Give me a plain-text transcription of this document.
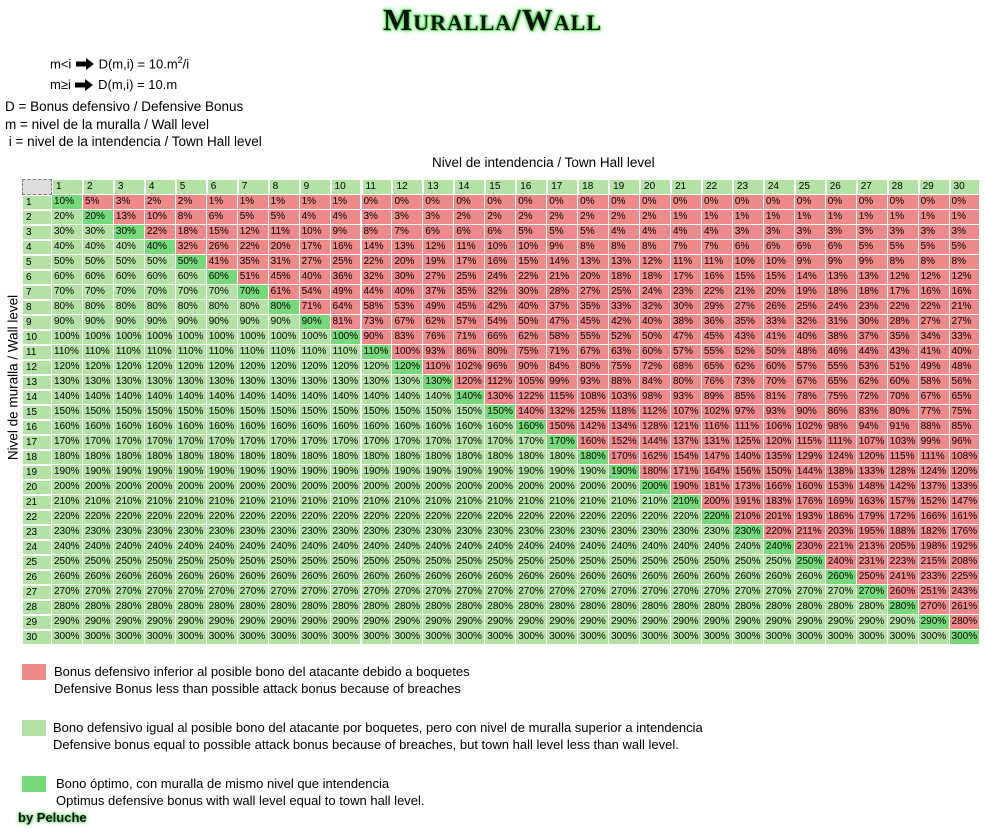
Muralla/Wall
m<i $D(m,i) = 10.m^2/i$
m≥i D(m,i) = 10.m
D = Bonus defensivo / Defensive Bonus
m = nivel de la muralla / Wall level
i = nivel de la intendencia / Town Hall level
Nivel de intendencia / Town Hall level
Nivel de muralla / Wall level
1	2	3	4	5	6	7	8	9	10	11	12	13	14	15	16	17	18	19	20	21	22	23	24	25	26	27	28	29	30
1	10%	5%	3%	2%	2%	1%	1%	1%	1%	1%	0%	0%	0%	0%	0%	0%	0%	0%	0%	0%	0%	0%	0%	0%	0%	0%	0%	0%	0%	0%
2	20%	20%	13%	10%	8%	6%	5%	5%	4%	4%	3%	3%	3%	2%	2%	2%	2%	2%	2%	2%	1%	1%	1%	1%	1%	1%	1%	1%	1%	1%
3	30%	30%	30%	22%	18%	15%	12%	11%	10%	9%	8%	7%	6%	6%	6%	5%	5%	5%	4%	4%	4%	4%	3%	3%	3%	3%	3%	3%	3%	3%
4	40%	40%	40%	40%	32%	26%	22%	20%	17%	16%	14%	13%	12%	11%	10%	10%	9%	8%	8%	8%	7%	7%	6%	6%	6%	6%	5%	5%	5%	5%
5	50%	50%	50%	50%	50%	41%	35%	31%	27%	25%	22%	20%	19%	17%	16%	15%	14%	13%	13%	12%	11%	11%	10%	10%	9%	9%	9%	8%	8%	8%
6	60%	60%	60%	60%	60%	60%	51%	45%	40%	36%	32%	30%	27%	25%	24%	22%	21%	20%	18%	18%	17%	16%	15%	15%	14%	13%	13%	12%	12%	12%
7	70%	70%	70%	70%	70%	70%	70%	61%	54%	49%	44%	40%	37%	35%	32%	30%	28%	27%	25%	24%	23%	22%	21%	20%	19%	18%	18%	17%	16%	16%
8	80%	80%	80%	80%	80%	80%	80%	80%	71%	64%	58%	53%	49%	45%	42%	40%	37%	35%	33%	32%	30%	29%	27%	26%	25%	24%	23%	22%	22%	21%
9	90%	90%	90%	90%	90%	90%	90%	90%	90%	81%	73%	67%	62%	57%	54%	50%	47%	45%	42%	40%	38%	36%	35%	33%	32%	31%	30%	28%	27%	27%
10	100% 100% 100% 100% 100% 100% 100% 100% 100% 100% 90%	83%	76%	71%	66%	62%	58%	55%	52%	50%	47%	45%	43%	41%	40%	38%	37%	35%	34%	33%
11	110% 110% 110% 110% 110% 110% 110% 110% 110% 110% 110% 100% 93%	86%	80%	75%	71%	67%	63%	60%	57%	55%	52%	50%	48%	46%	44%	43%	41%	40%
12	120% 120% 120% 120% 120% 120% 120% 120% 120% 120% 120% 120% 110% 102% 96%	90%	84%	80%	75%	72%	68%	65%	62%	60%	57%	55%	53%	51%	49%	48%
13	130% 130% 130% 130% 130% 130% 130% 130% 130% 130% 130% 130% 130% 120% 112% 105% 99%	93%	88%	84%	80%	76%	73%	70%	67%	65%	62%	60%	58%	56%
14	140% 140% 140% 140% 140% 140% 140% 140% 140% 140% 140% 140% 140% 140% 130% 122% 115% 108% 103% 98%	93%	89%	85%	81%	78%	75%	72%	70%	67%	65%
15	150% 150% 150% 150% 150% 150% 150% 150% 150% 150% 150% 150% 150% 150% 150% 140% 132% 125% 118% 112% 107% 102% 97%	93%	90%	86%	83%	80%	77%	75%
16	160% 160% 160% 160% 160% 160% 160% 160% 160% 160% 160% 160% 160% 160% 160% 160% 150% 142% 134% 128% 121% 116% 111% 106% 102% 98%	94%	91%	88%	85%
17	170% 170% 170% 170% 170% 170% 170% 170% 170% 170% 170% 170% 170% 170% 170% 170% 170% 160% 152% 144% 137% 131% 125% 120% 115% 111% 107% 103% 99%	96%
18	180% 180% 180% 180% 180% 180% 180% 180% 180% 180% 180% 180% 180% 180% 180% 180% 180% 180% 170% 162% 154% 147% 140% 135% 129% 124% 120% 115% 111% 108%
19	190% 190% 190% 190% 190% 190% 190% 190% 190% 190% 190% 190% 190% 190% 190% 190% 190% 190% 190% 180% 171% 164% 156% 150% 144% 138% 133% 128% 124% 120%
20	200% 200% 200% 200% 200% 200% 200% 200% 200% 200% 200% 200% 200% 200% 200% 200% 200% 200% 200% 200% 190% 181% 173% 166% 160% 153% 148% 142% 137% 133%
21	210% 210% 210% 210% 210% 210% 210% 210% 210% 210% 210% 210% 210% 210% 210% 210% 210% 210% 210% 210% 210% 200% 191% 183% 176% 169% 163% 157% 152% 147%
22	220% 220% 220% 220% 220% 220% 220% 220% 220% 220% 220% 220% 220% 220% 220% 220% 220% 220% 220% 220% 220% 220% 210% 201% 193% 186% 179% 172% 166% 161%
23	230% 230% 230% 230% 230% 230% 230% 230% 230% 230% 230% 230% 230% 230% 230% 230% 230% 230% 230% 230% 230% 230% 230% 220% 211% 203% 195% 188% 182% 176%
24	240% 240% 240% 240% 240% 240% 240% 240% 240% 240% 240% 240% 240% 240% 240% 240% 240% 240% 240% 240% 240% 240% 240% 240% 230% 221% 213% 205% 198% 192%
25	250% 250% 250% 250% 250% 250% 250% 250% 250% 250% 250% 250% 250% 250% 250% 250% 250% 250% 250% 250% 250% 250% 250% 250% 250% 240% 231% 223% 215% 208%
26	260% 260% 260% 260% 260% 260% 260% 260% 260% 260% 260% 260% 260% 260% 260% 260% 260% 260% 260% 260% 260% 260% 260% 260% 260% 260% 250% 241% 233% 225%
27	270% 270% 270% 270% 270% 270% 270% 270% 270% 270% 270% 270% 270% 270% 270% 270% 270% 270% 270% 270% 270% 270% 270% 270% 270% 270% 270% 260% 251% 243%
28	280% 280% 280% 280% 280% 280% 280% 280% 280% 280% 280% 280% 280% 280% 280% 280% 280% 280% 280% 280% 280% 280% 280% 280% 280% 280% 280% 280% 270% 261%
29	290% 290% 290% 290% 290% 290% 290% 290% 290% 290% 290% 290% 290% 290% 290% 290% 290% 290% 290% 290% 290% 290% 290% 290% 290% 290% 290% 290% 290% 280%
30	300% 300% 300% 300% 300% 300% 300% 300% 300% 300% 300% 300% 300% 300% 300% 300% 300% 300% 300% 300% 300% 300% 300% 300% 300% 300% 300% 300% 300% 300%
Bonus defensivo inferior al posible bono del atacante debido a boquetes
Defensive Bonus less than possible attack bonus because of breaches
Bono defensivo igual al posible bono del atacante por boquetes, pero con nivel de muralla superior a intendencia
Defensive bonus equal to possible attack bonus because of breaches, but town hall level less than wall level.
Bono óptimo, con muralla de mismo nivel que intendencia
Optimus defensive bonus with wall level equal to town hall level.
by Peluche
